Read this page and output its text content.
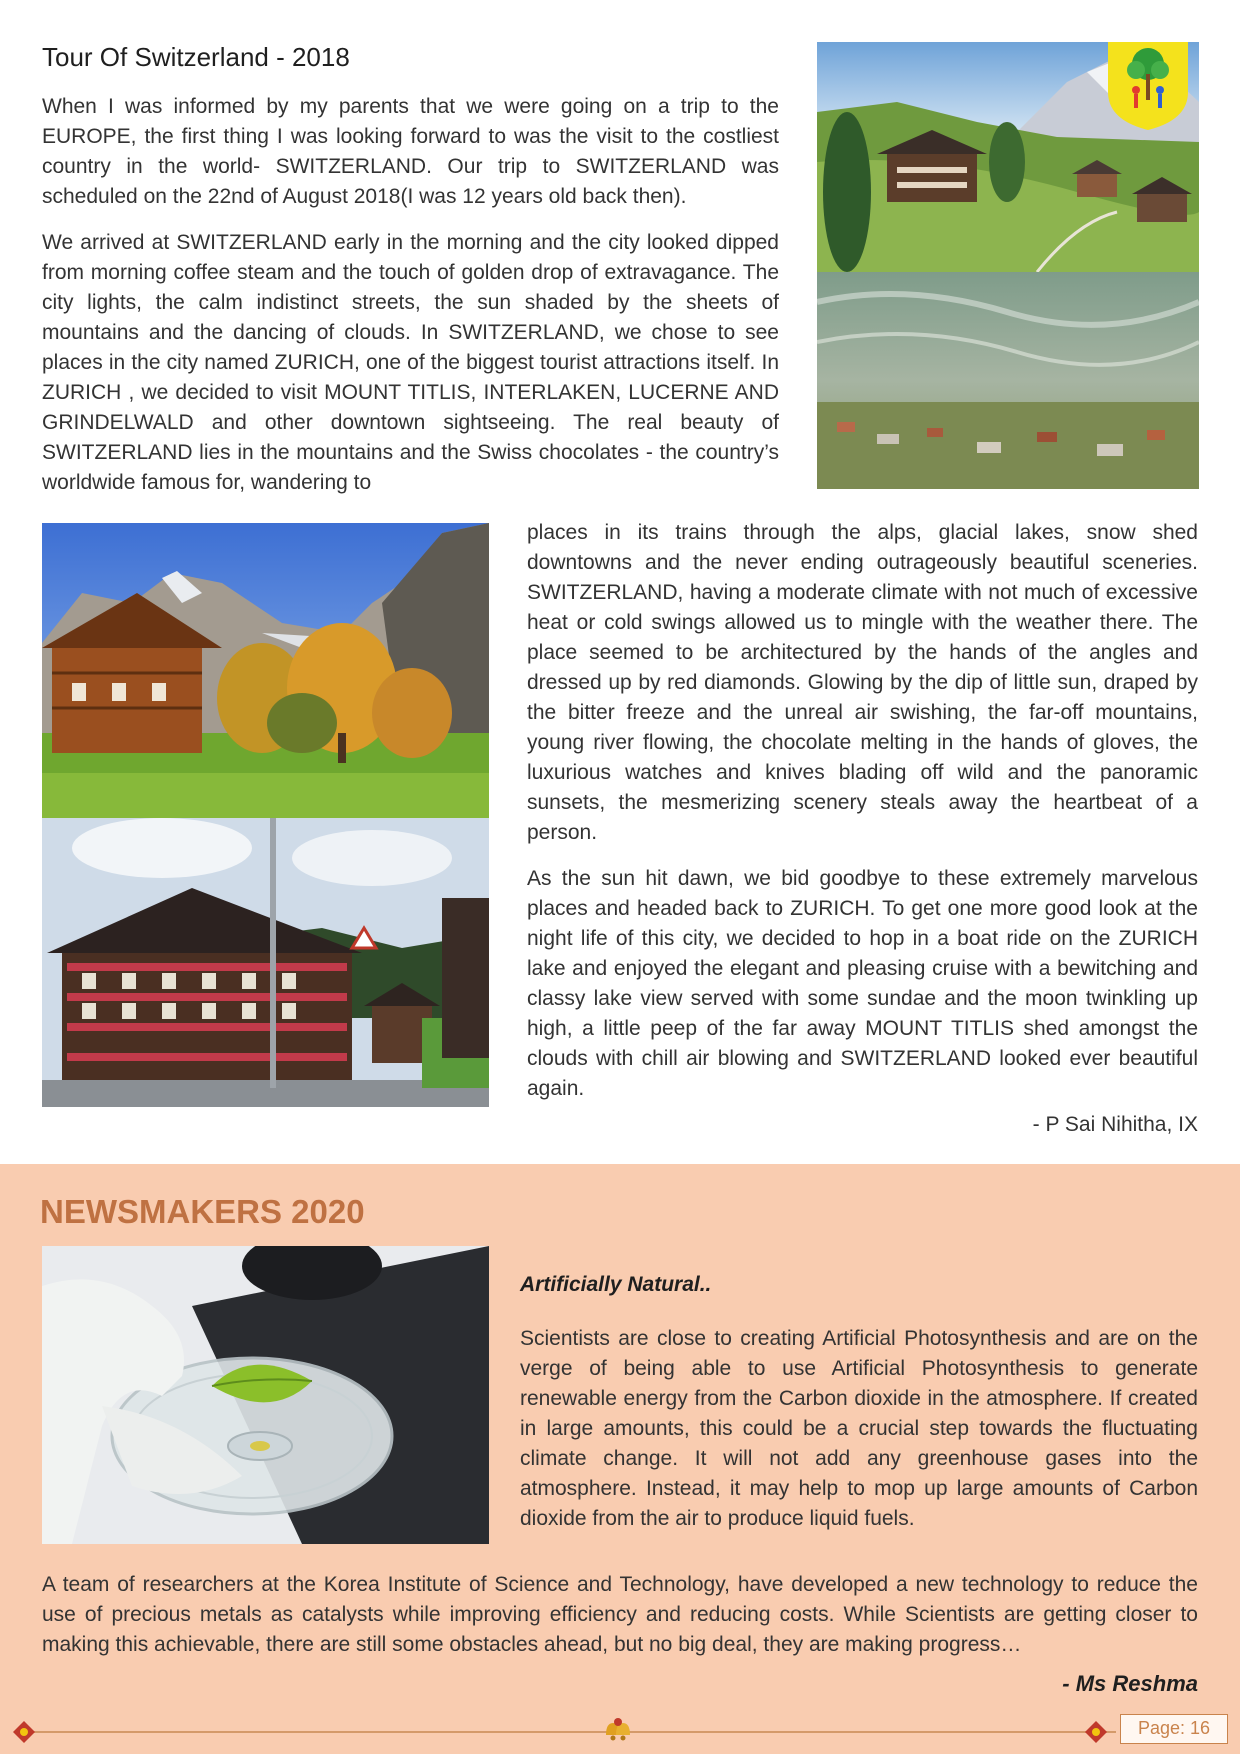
Tour Of Switzerland - 2018

When I was informed by my parents that we were going on a trip to the EUROPE, the first thing I was looking forward to was the visit to the costliest country in the world- SWITZERLAND. Our trip to SWITZERLAND was scheduled on the 22nd of August 2018(I was 12 years old back then).

We arrived at SWITZERLAND early in the morning and the city looked dipped from morning coffee steam and the touch of golden drop of extravagance. The city lights, the calm indistinct streets, the sun shaded by the sheets of mountains and the dancing of clouds. In SWITZERLAND, we chose to see places in the city named ZURICH, one of the biggest tourist attractions itself. In ZURICH , we decided to visit MOUNT TITLIS, INTERLAKEN, LUCERNE AND GRINDELWALD and other downtown sightseeing. The real beauty of SWITZERLAND lies in the mountains and the Swiss chocolates - the country’s worldwide famous for, wandering to

places in its trains through the alps, glacial lakes, snow shed downtowns and the never ending outrageously beautiful sceneries. SWITZERLAND, having a moderate climate with not much of excessive heat or cold swings allowed us to mingle with the weather there. The place seemed to be architectured by the hands of the angles and dressed up by red diamonds. Glowing by the dip of little sun, draped by the bitter freeze and the unreal air swishing, the far-off mountains, young river flowing, the chocolate melting in the hands of gloves, the luxurious watches and knives blading off wild and the panoramic sunsets, the mesmerizing scenery steals away the heartbeat of a person.

As the sun hit dawn, we bid goodbye to these extremely marvelous places and headed back to ZURICH. To get one more good look at the night life of this city, we decided to hop in a boat ride on the ZURICH lake and enjoyed the elegant and pleasing cruise with a bewitching and classy lake view served with some sundae and the moon twinkling up high, a little peep of the far away MOUNT TITLIS shed amongst the clouds with chill air blowing and SWITZERLAND looked ever beautiful again.

- P Sai Nihitha, IX
NEWSMAKERS 2020
Artificially Natural..

Scientists are close to creating Artificial Photosynthesis and are on the verge of being able to use Artificial Photosynthesis to generate renewable energy from the Carbon dioxide in the atmosphere. If created in large amounts, this could be a crucial step towards the fluctuating climate change. It will not add any greenhouse gases into the atmosphere. Instead, it may help to mop up large amounts of Carbon dioxide from the air to produce liquid fuels.

A team of researchers at the Korea Institute of Science and Technology, have developed a new technology to reduce the use of precious metals as catalysts while improving efficiency and reducing costs. While Scientists are getting closer to making this achievable, there are still some obstacles ahead, but no big deal, they are making progress…

- Ms Reshma
Page: 16
